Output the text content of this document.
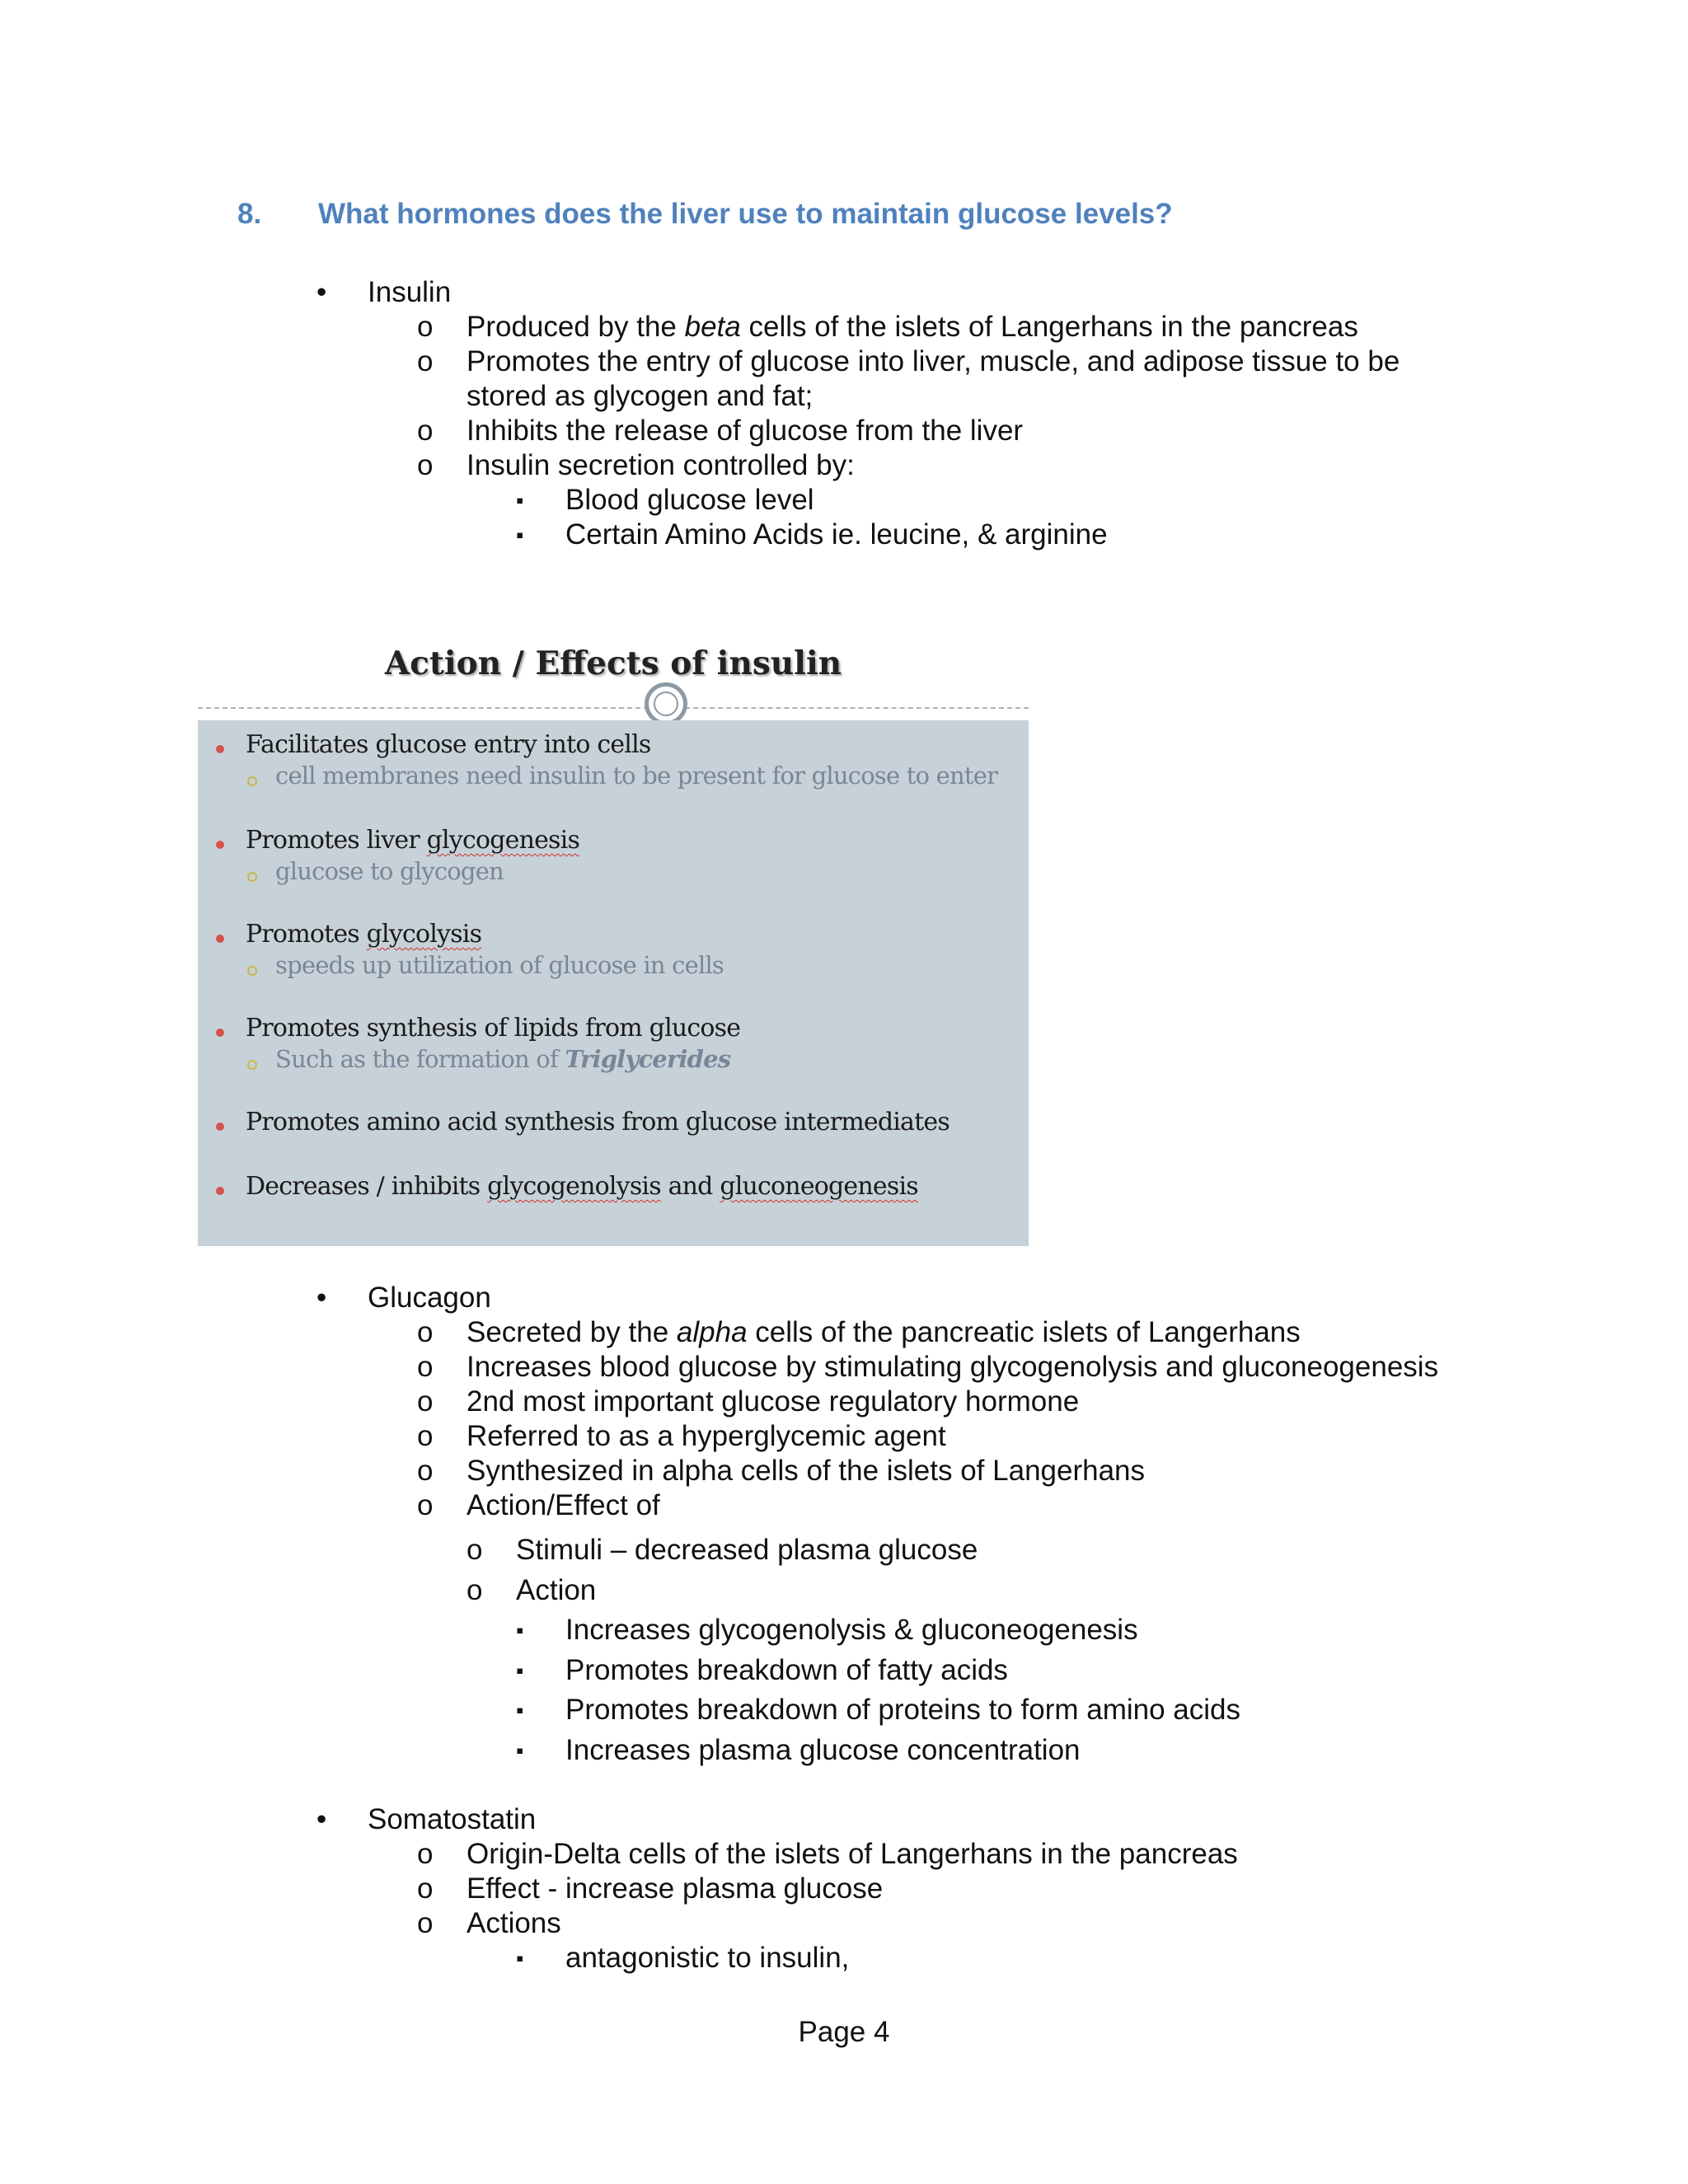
8. What hormones does the liver use to maintain glucose levels?
• Insulin
o Produced by the beta cells of the islets of Langerhans in the pancreas
o Promotes the entry of glucose into liver, muscle, and adipose tissue to be
stored as glycogen and fat;
o Inhibits the release of glucose from the liver
o Insulin secretion controlled by:
▪ Blood glucose level
▪ Certain Amino Acids ie. leucine, & arginine
Action / Effects of insulin
Facilitates glucose entry into cells
cell membranes need insulin to be present for glucose to enter
Promotes liver glycogenesis
glucose to glycogen
Promotes glycolysis
speeds up utilization of glucose in cells
Promotes synthesis of lipids from glucose
Such as the formation of Triglycerides
Promotes amino acid synthesis from glucose intermediates
Decreases / inhibits glycogenolysis and gluconeogenesis
• Glucagon
o Secreted by the alpha cells of the pancreatic islets of Langerhans
o Increases blood glucose by stimulating glycogenolysis and gluconeogenesis
o 2nd most important glucose regulatory hormone
o Referred to as a hyperglycemic agent
o Synthesized in alpha cells of the islets of Langerhans
o Action/Effect of
o Stimuli – decreased plasma glucose
o Action
▪ Increases glycogenolysis & gluconeogenesis
▪ Promotes breakdown of fatty acids
▪ Promotes breakdown of proteins to form amino acids
▪ Increases plasma glucose concentration
• Somatostatin
o Origin-Delta cells of the islets of Langerhans in the pancreas
o Effect - increase plasma glucose
o Actions
▪ antagonistic to insulin,
Page 4
